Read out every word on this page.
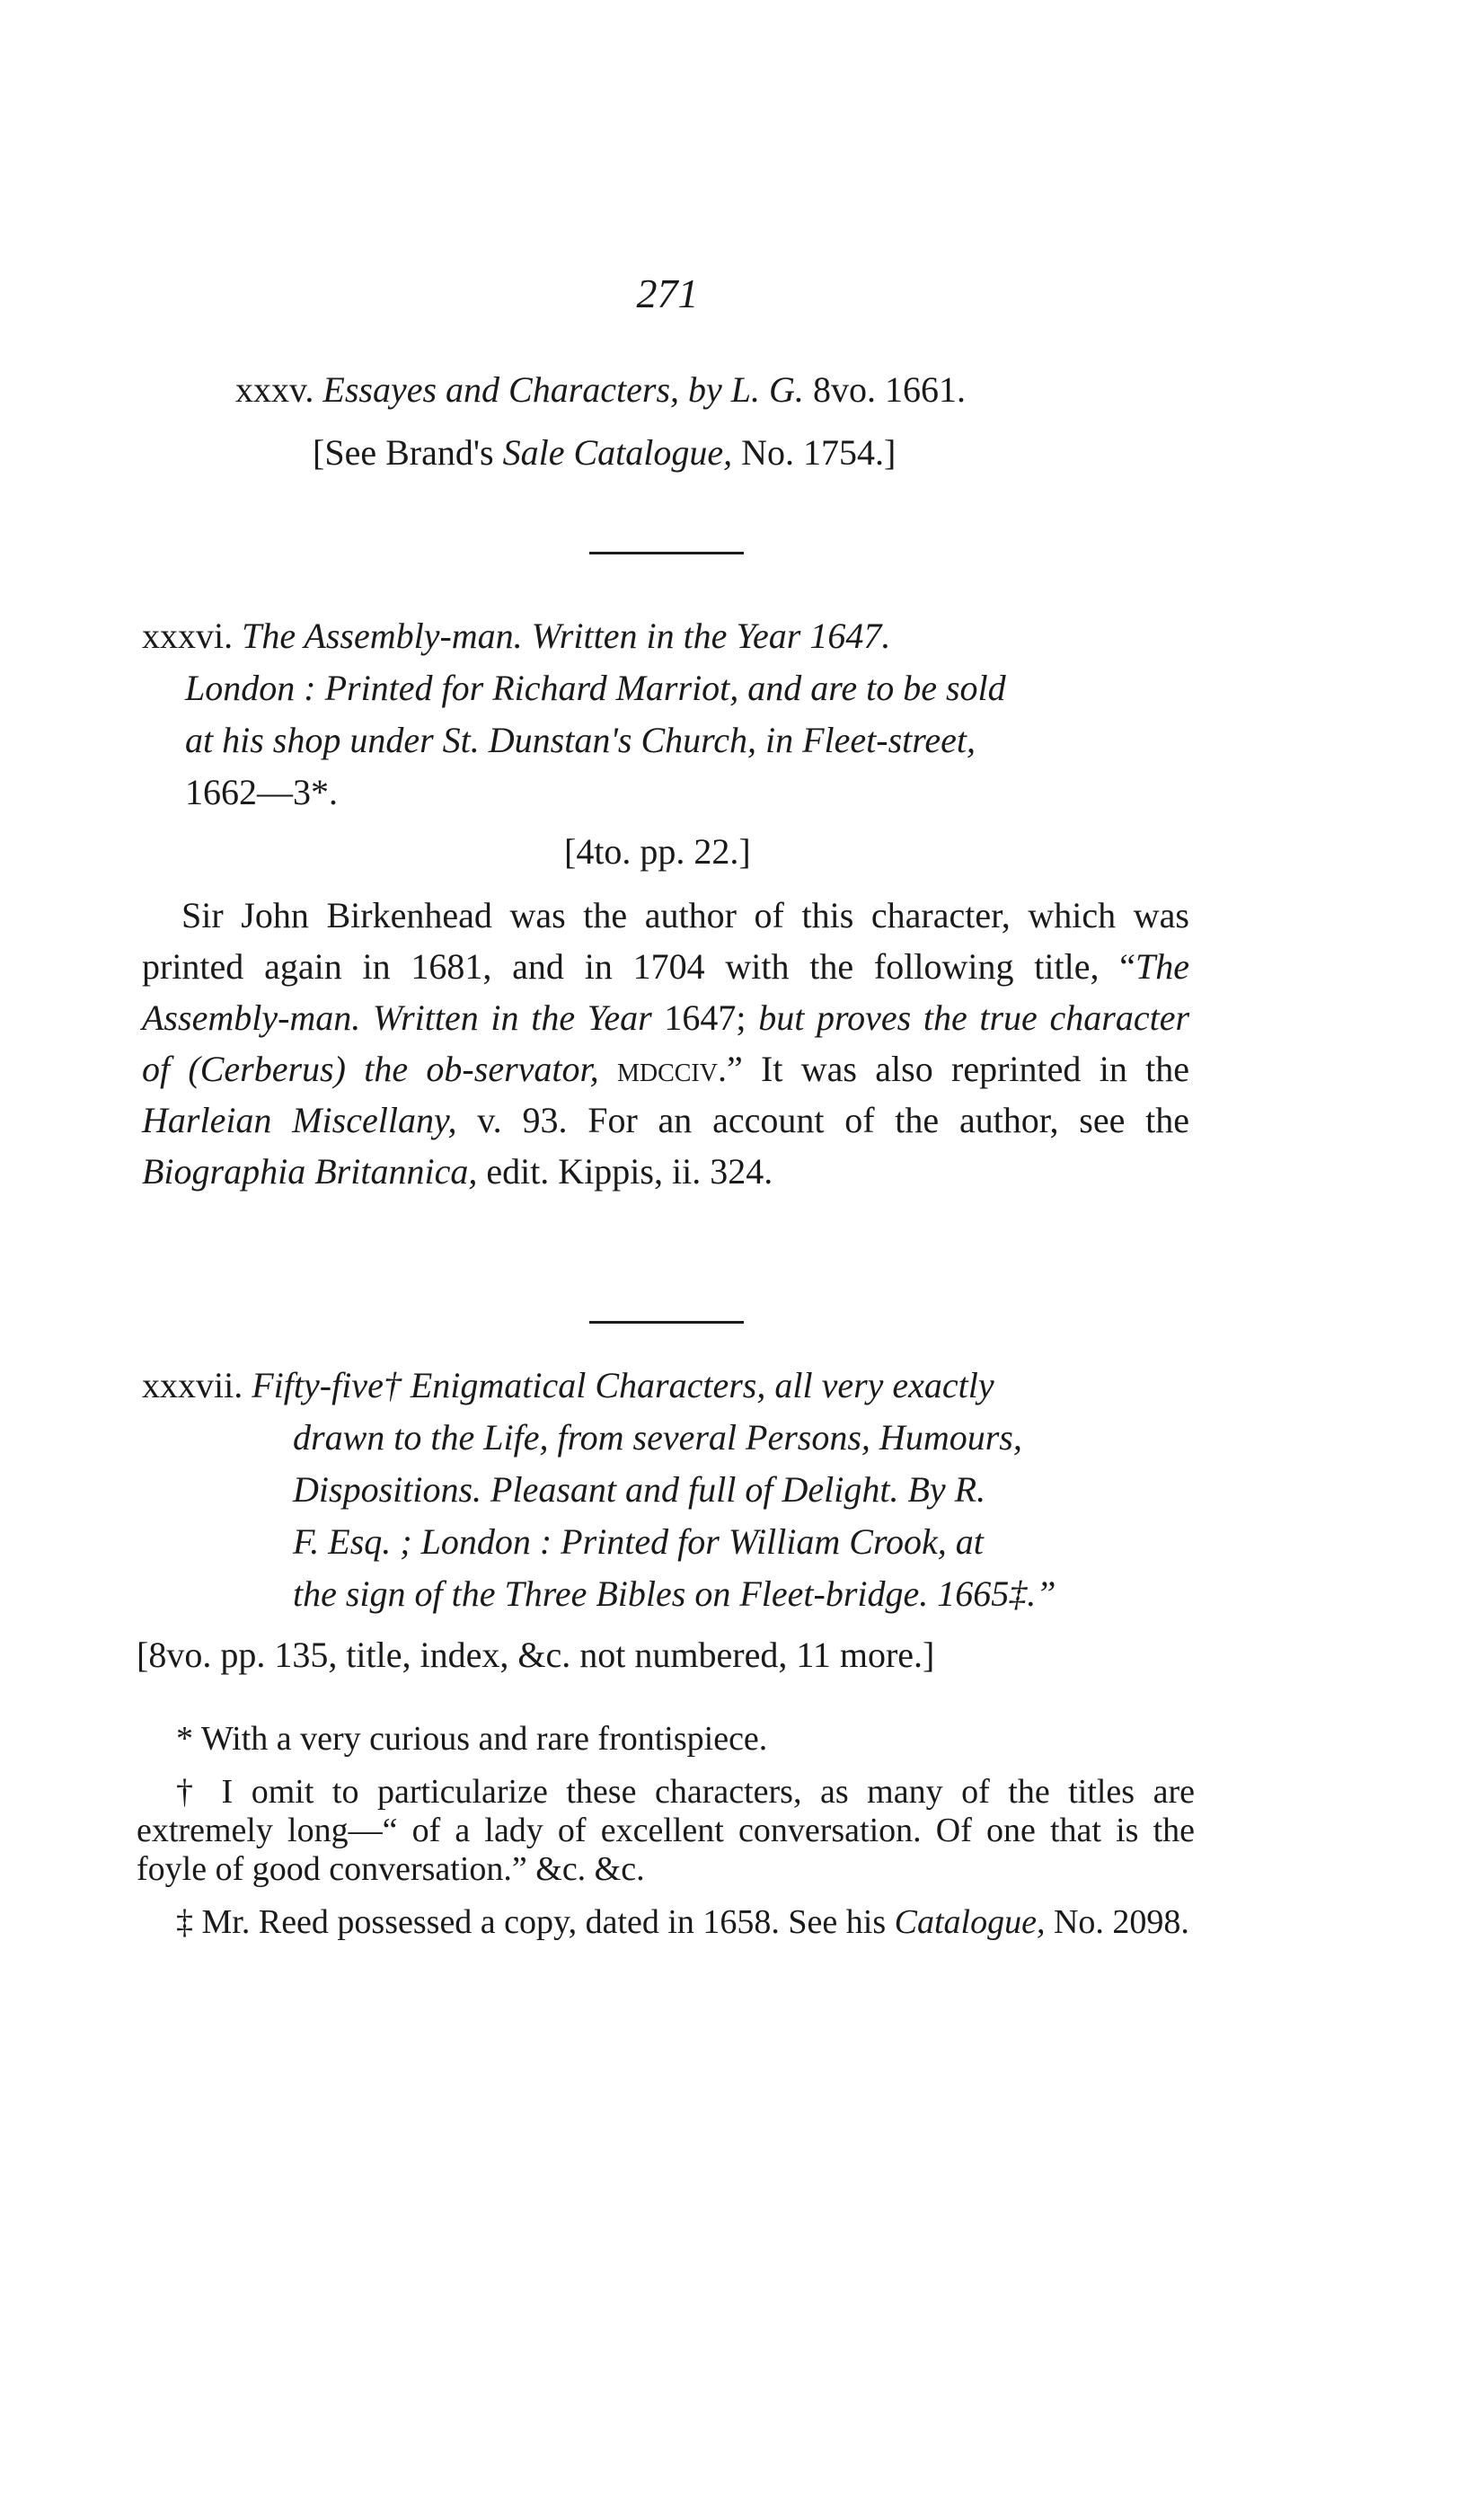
271
xxxv. Essayes and Characters, by L. G. 8vo. 1661.
[See Brand's Sale Catalogue, No. 1754.]
xxxvi. The Assembly-man. Written in the Year 1647.
London : Printed for Richard Marriot, and are to be sold
at his shop under St. Dunstan's Church, in Fleet-street,
1662—3*.
[4to. pp. 22.]
Sir John Birkenhead was the author of this character, which was printed again in 1681, and in 1704 with the following title, “The Assembly-man. Written in the Year 1647; but proves the true character of (Cerberus) the ob-servator, mdcciv.” It was also reprinted in the Harleian Miscellany, v. 93. For an account of the author, see the Biographia Britannica, edit. Kippis, ii. 324.
xxxvii. Fifty-five† Enigmatical Characters, all very exactly
drawn to the Life, from several Persons, Humours,
Dispositions. Pleasant and full of Delight. By R.
F. Esq. ; London : Printed for William Crook, at
the sign of the Three Bibles on Fleet-bridge. 1665‡.”
[8vo. pp. 135, title, index, &c. not numbered, 11 more.]
* With a very curious and rare frontispiece.
† I omit to particularize these characters, as many of the titles are extremely long—“ of a lady of excellent conversation. Of one that is the foyle of good conversation.” &c. &c.
‡ Mr. Reed possessed a copy, dated in 1658. See his Catalogue, No. 2098.
